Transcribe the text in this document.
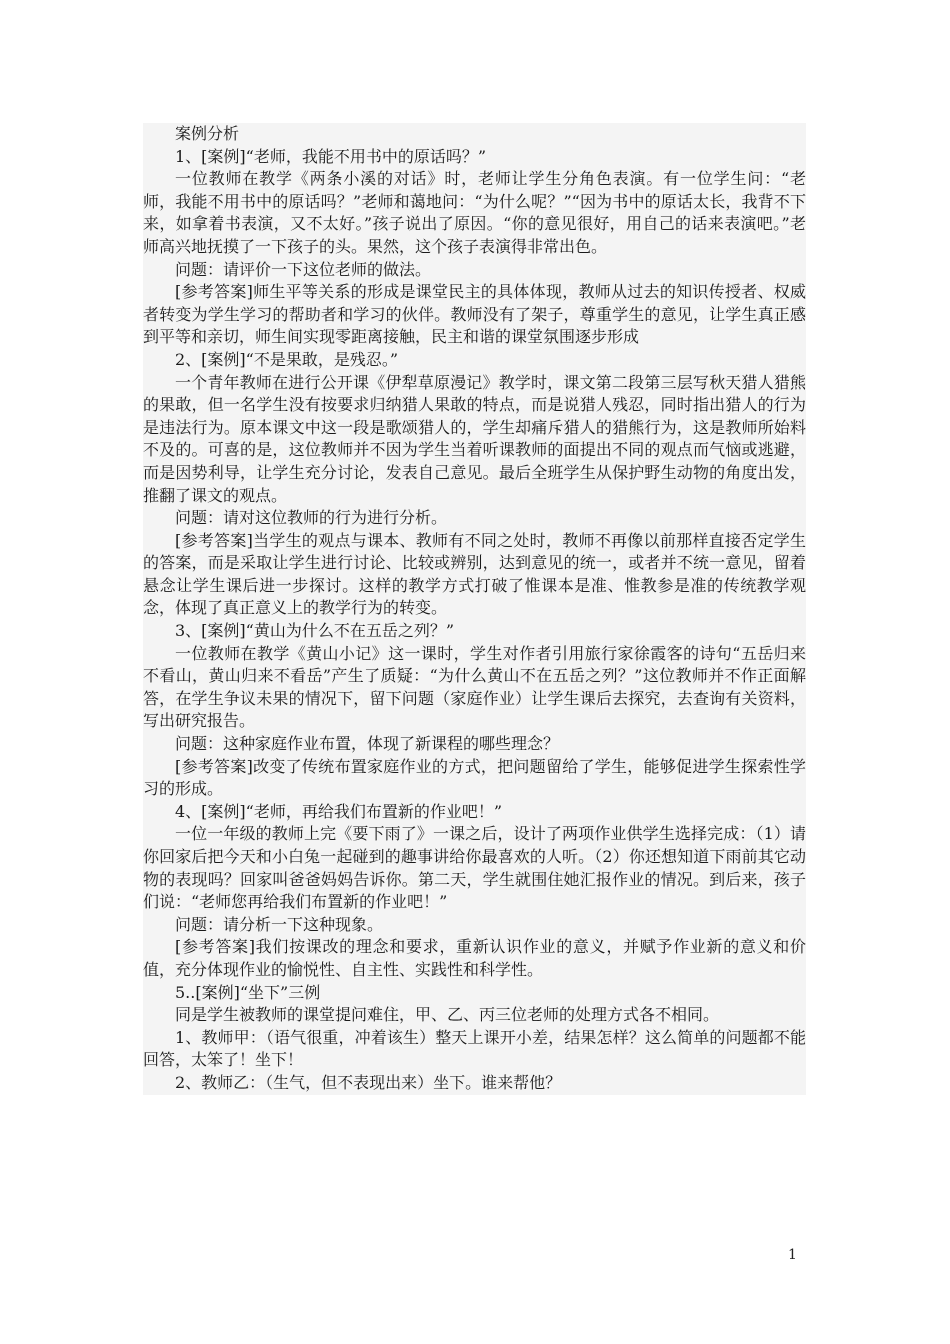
案例分析

1、[案例]“老师，我能不用书中的原话吗？”

一位教师在教学《两条小溪的对话》时，老师让学生分角色表演。有一位学生问：“老师，我能不用书中的原话吗？”老师和蔼地问：“为什么呢？”“因为书中的原话太长，我背不下来，如拿着书表演，又不太好。”孩子说出了原因。“你的意见很好，用自己的话来表演吧。”老师高兴地抚摸了一下孩子的头。果然，这个孩子表演得非常出色。

问题：请评价一下这位老师的做法。

[参考答案]师生平等关系的形成是课堂民主的具体体现，教师从过去的知识传授者、权威者转变为学生学习的帮助者和学习的伙伴。教师没有了架子，尊重学生的意见，让学生真正感到平等和亲切，师生间实现零距离接触，民主和谐的课堂氛围逐步形成

2、[案例]“不是果敢，是残忍。”

一个青年教师在进行公开课《伊犁草原漫记》教学时，课文第二段第三层写秋天猎人猎熊的果敢，但一名学生没有按要求归纳猎人果敢的特点，而是说猎人残忍，同时指出猎人的行为是违法行为。原本课文中这一段是歌颂猎人的，学生却痛斥猎人的猎熊行为，这是教师所始料不及的。可喜的是，这位教师并不因为学生当着听课教师的面提出不同的观点而气恼或逃避，而是因势利导，让学生充分讨论，发表自己意见。最后全班学生从保护野生动物的角度出发，推翻了课文的观点。

问题：请对这位教师的行为进行分析。

[参考答案]当学生的观点与课本、教师有不同之处时，教师不再像以前那样直接否定学生的答案，而是采取让学生进行讨论、比较或辨别，达到意见的统一，或者并不统一意见，留着悬念让学生课后进一步探讨。这样的教学方式打破了惟课本是准、惟教参是准的传统教学观念，体现了真正意义上的教学行为的转变。

3、[案例]“黄山为什么不在五岳之列？”

一位教师在教学《黄山小记》这一课时，学生对作者引用旅行家徐霞客的诗句“五岳归来不看山，黄山归来不看岳”产生了质疑：“为什么黄山不在五岳之列？”这位教师并不作正面解答，在学生争议未果的情况下，留下问题（家庭作业）让学生课后去探究，去查询有关资料，写出研究报告。

问题：这种家庭作业布置，体现了新课程的哪些理念？

[参考答案]改变了传统布置家庭作业的方式，把问题留给了学生，能够促进学生探索性学习的形成。

4、[案例]“老师，再给我们布置新的作业吧！”

一位一年级的教师上完《要下雨了》一课之后，设计了两项作业供学生选择完成：（1）请你回家后把今天和小白兔一起碰到的趣事讲给你最喜欢的人听。（2）你还想知道下雨前其它动物的表现吗？回家叫爸爸妈妈告诉你。第二天，学生就围住她汇报作业的情况。到后来，孩子们说：“老师您再给我们布置新的作业吧！”

问题：请分析一下这种现象。

[参考答案]我们按课改的理念和要求，重新认识作业的意义，并赋予作业新的意义和价值，充分体现作业的愉悦性、自主性、实践性和科学性。

5..[案例]“坐下”三例

同是学生被教师的课堂提问难住，甲、乙、丙三位老师的处理方式各不相同。

1、教师甲：（语气很重，冲着该生）整天上课开小差，结果怎样？这么简单的问题都不能回答，太笨了！坐下！

2、教师乙：（生气，但不表现出来）坐下。谁来帮他？

1
